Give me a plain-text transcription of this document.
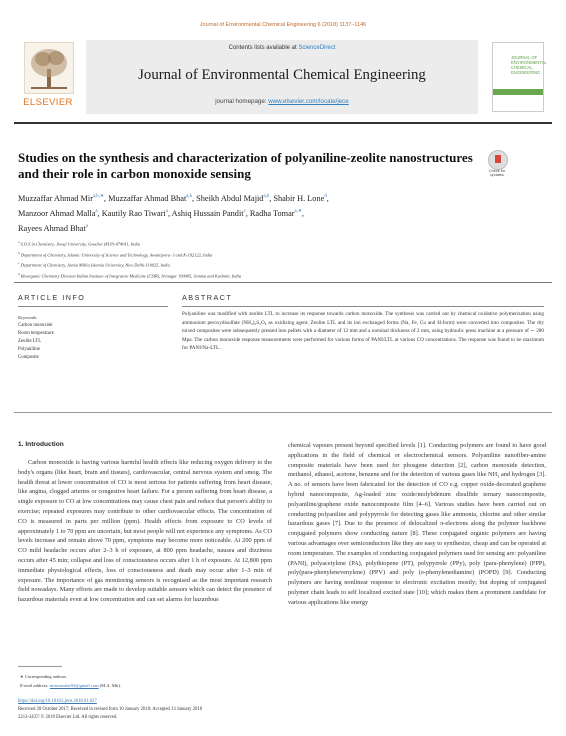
Journal of Environmental Chemical Engineering 6 (2018) 1137–1146
ELSEVIER
Contents lists available at ScienceDirect
Journal of Environmental Chemical Engineering
journal homepage: www.elsevier.com/locate/jece
JOURNAL OF ENVIRONMENTAL CHEMICAL ENGINEERING
Studies on the synthesis and characterization of polyaniline-zeolite nanostructures and their role in carbon monoxide sensing	Check for updates
Muzzaffar Ahmad Mir$^{a,b,∗}$, Muzzaffar Ahmad Bhat$^{a,b}$, Sheikh Abdul Majid$^{a,b}$, Shabir H. Lone$^d$,
Manzoor Ahmad Malla$^a$, Kautily Rao Tiwari$^a$, Ashiq Hussain Pandit$^c$, Radha Tomar$^{a,∗}$,
Rayees Ahmad Bhat$^a$
$^a$ S.O.S in Chemistry, Jiwaji University, Gwalior (M.P)-474011, India
$^b$ Department of Chemistry, Islamic University of Science and Technology, Awantipora- J and K-192122, India
$^c$ Department of Chemistry, Jamia Millia Islamia University, New Delhi-110025, India
$^d$ Bioorganic Chemistry Division Indian Institute of Integrative Medicine (CSIR), Srinagar 190005, Jammu and Kashmir, India
ARTICLE INFO	ABSTRACT
Keywords:
Carbon monoxide
Room temperature
Zeolite LTL
Polyaniline
Composite
Polyaniline was modified with zeolite LTL to increase its response towards carbon monoxide. The synthesis was carried out by chemical oxidative polymerization using ammonium peroxydisulfate (NH₄)₂S₂O₈ as oxidizing agent. Zeolite LTL and its ion exchanged forms (Na, Fe, Cu and H-form) were converted into composites. The dry mixed composites were subsequently pressed into pellets with a diameter of 12 mm and a nominal thickness of 2 mm, using hydraulic press machine at a pressure of ∼ 280 Mpa. The carbon monoxide response measurements were performed for various forms of PANI/LTL at various CO concentrations. The response was found to be maximum for PANI/Na-LTL.
1. Introduction

Carbon monoxide is having various harmful health effects like reducing oxygen delivery to the body's organs (like heart, brain and tissues), cardiovascular, central nervous system and smog. The health threat at lower concentration of CO is most serious for patients suffering from heart disease, like angina, clogged arteries or congestive heart failure. For a person suffering from heart disease, a single exposure to CO at low concentrations may cause chest pain and reduce that person's ability to exercise; repeated exposures may contribute to other cardiovascular effects. The concentration of CO is measured in parts per million (ppm). Health effects from exposure to CO levels of approximately 1 to 70 ppm are uncertain, but most people will not experience any symptoms. As CO levels increase and remain above 70 ppm, symptoms may become more noticeable. At 200 ppm of CO mild headache occurs after 2–3 h of exposure, at 800 ppm headache, nausea and dizziness occurs after 45 min; collapse and loss of consciousness occurs after 1 h of exposure. At 12,800 ppm immediate physiological effects, loss of consciousness and death may occur after 1–3 min of exposure. The importance of gas monitoring sensors is recognised as the most important research field nowadays. Many efforts are made to develop suitable sensors which can detect the presence of hazardous materials even at low concentration and can set alarms for hazardous

chemical vapours present beyond specified levels [1]. Conducting polymers are found to have good applications in the field of chemical or electrochemical sensors. Polyaniline nanofiber-amine composite materials have been used for phosgene detection [2], carbon monoxide detection, methanol, ethanol, acetone, benzene and for the detection of various gases like NH₃ and hydrogen [3]. A no. of sensors have been fabricated for the detection of CO e.g. copper oxide-decorated graphene hybrid nanocomposite, Ag-loaded zinc oxide/molybdenum disulfide ternary nanocomposite, polyaniline/graphene oxide nanocomposite film [4–6]. Various studies have been carried out on conducting polyaniline and polypyrrole for detecting gases like ammonia, chlorine and other similar hazardous gases [7]. Due to the presence of delocalized π-electrons along the polymer backbone conjugated polymers show conducting nature [8]. These conjugated organic polymers are having various advantages over semiconductors like they are easy to synthesize, cheap and can be operated at room temperature. The examples of conducting conjugated polymers used for sensing are: polyaniline (PANI), polyacetylene (PA), polythiopene (PT), polypyrrole (PPy), poly (para-phenylene) (PPP), poly(para-phenylenevenylene) (PPV) and poly (o-phenylenediamine) (POPD) [9]. Conducting polymers are having nonlinear response to electronic excitation mostly; but doping of conjugated polymer chain leads to self localized excited state [10]; which makes them a prominent candidate for various applications like energy

∗ Corresponding authors.
E-mail address: mirmuzafar92@gmail.com (M.A. Mir).
https://doi.org/10.1016/j.jece.2018.01.027
Received 28 October 2017; Received in revised form 10 January 2018; Accepted 13 January 2018
2213-3437/ © 2018 Elsevier Ltd. All rights reserved.
